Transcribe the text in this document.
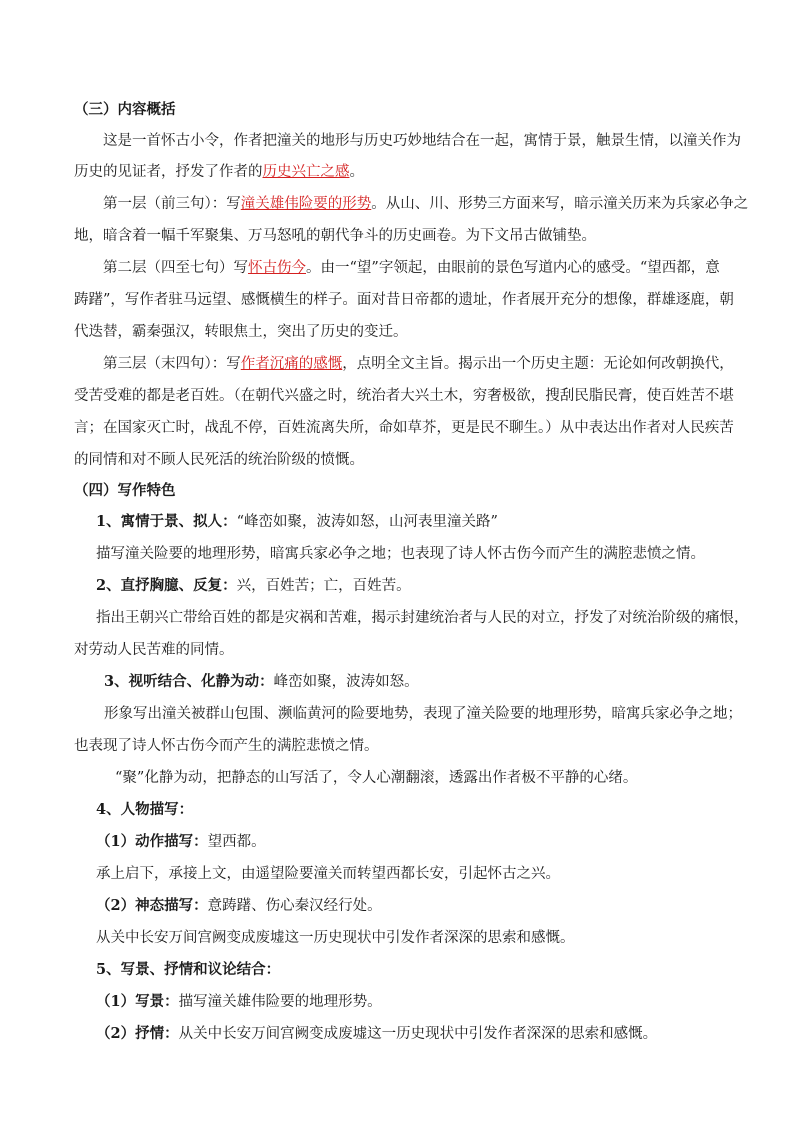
（三）内容概括
这是一首怀古小令，作者把潼关的地形与历史巧妙地结合在一起，寓情于景，触景生情，以潼关作为
历史的见证者，抒发了作者的历史兴亡之感。
第一层（前三句）：写潼关雄伟险要的形势。从山、川、形势三方面来写，暗示潼关历来为兵家必争之
地，暗含着一幅千军聚集、万马怒吼的朝代争斗的历史画卷。为下文吊古做铺垫。
第二层（四至七句）写怀古伤今。由一“望”字领起，由眼前的景色写道内心的感受。“望西都，意
踌躇”，写作者驻马远望、感慨横生的样子。面对昔日帝都的遗址，作者展开充分的想像，群雄逐鹿，朝
代迭替，霸秦强汉，转眼焦土，突出了历史的变迁。
第三层（末四句）：写作者沉痛的感慨，点明全文主旨。揭示出一个历史主题：无论如何改朝换代，
受苦受难的都是老百姓。（在朝代兴盛之时，统治者大兴土木，穷奢极欲，搜刮民脂民膏，使百姓苦不堪
言；在国家灭亡时，战乱不停，百姓流离失所，命如草芥，更是民不聊生。）从中表达出作者对人民疾苦
的同情和对不顾人民死活的统治阶级的愤慨。
（四）写作特色
1、寓情于景、拟人：“峰峦如聚，波涛如怒，山河表里潼关路”
描写潼关险要的地理形势，暗寓兵家必争之地；也表现了诗人怀古伤今而产生的满腔悲愤之情。
2、直抒胸臆、反复：兴，百姓苦；亡，百姓苦。
指出王朝兴亡带给百姓的都是灾祸和苦难，揭示封建统治者与人民的对立，抒发了对统治阶级的痛恨，
对劳动人民苦难的同情。
3、视听结合、化静为动：峰峦如聚，波涛如怒。
形象写出潼关被群山包围、濒临黄河的险要地势，表现了潼关险要的地理形势，暗寓兵家必争之地；
也表现了诗人怀古伤今而产生的满腔悲愤之情。
“聚”化静为动，把静态的山写活了，令人心潮翻滚，透露出作者极不平静的心绪。
4、人物描写：
（1）动作描写：望西都。
承上启下，承接上文，由遥望险要潼关而转望西都长安，引起怀古之兴。
（2）神态描写：意踌躇、伤心秦汉经行处。
从关中长安万间宫阙变成废墟这一历史现状中引发作者深深的思索和感慨。
5、写景、抒情和议论结合：
（1）写景：描写潼关雄伟险要的地理形势。
（2）抒情：从关中长安万间宫阙变成废墟这一历史现状中引发作者深深的思索和感慨。
